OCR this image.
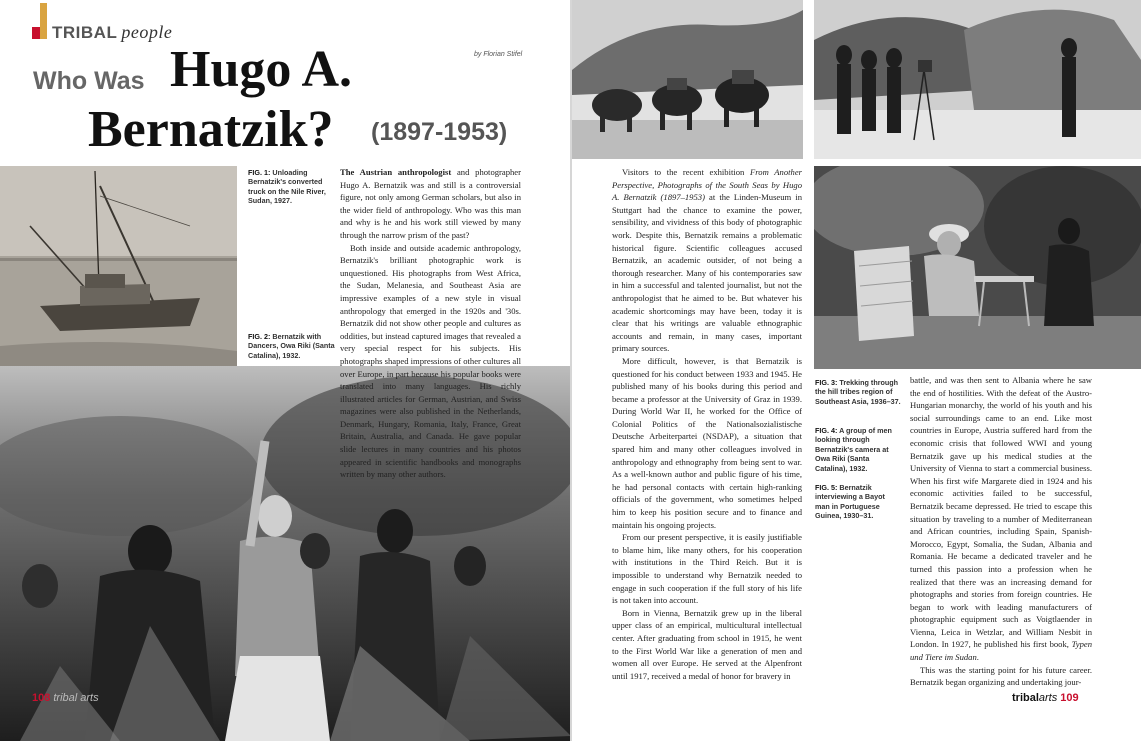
TRIBAL people
by Florian Stifel
Who Was Hugo A.
Bernatzik? (1897-1953)
FIG. 1: Unloading Bernatzik's converted truck on the Nile River, Sudan, 1927.
FIG. 2: Bernatzik with Dancers, Owa Riki (Santa Catalina), 1932.
FIG. 3: Trekking through the hill tribes region of Southeast Asia, 1936–37.
FIG. 4: A group of men looking through Bernatzik's camera at Owa Riki (Santa Catalina), 1932.
FIG. 5: Bernatzik interviewing a Bayot man in Portuguese Guinea, 1930–31.

The Austrian anthropologist and photographer Hugo A. Bernatzik was and still is a controversial figure, not only among German scholars, but also in the wider field of anthropology. Who was this man and why is he and his work still viewed by many through the narrow prism of the past?

Both inside and outside academic anthropology, Bernatzik's brilliant photographic work is unquestioned. His photographs from West Africa, the Sudan, Melanesia, and Southeast Asia are impressive examples of a new style in visual anthropology that emerged in the 1920s and '30s. Bernatzik did not show other people and cultures as oddities, but instead captured images that revealed a very special respect for his subjects. His photographs shaped impressions of other cultures all over Europe, in part because his popular books were translated into many languages. His richly illustrated articles for German, Austrian, and Swiss magazines were also published in the Netherlands, Denmark, Hungary, Romania, Italy, France, Great Britain, Australia, and Canada. He gave popular slide lectures in many countries and his photos appeared in scientific handbooks and monographs written by many other authors.

Visitors to the recent exhibition From Another Perspective, Photographs of the South Seas by Hugo A. Bernatzik (1897–1953) at the Linden-Museum in Stuttgart had the chance to examine the power, sensibility, and vividness of this body of photographic work. Despite this, Bernatzik remains a problematic historical figure. Scientific colleagues accused Bernatzik, an academic outsider, of not being a thorough researcher. Many of his contemporaries saw in him a successful and talented journalist, but not the anthropologist that he aimed to be. But whatever his academic shortcomings may have been, today it is clear that his writings are valuable ethnographic accounts and remain, in many cases, important primary sources.

More difficult, however, is that Bernatzik is questioned for his conduct between 1933 and 1945. He published many of his books during this period and became a professor at the University of Graz in 1939. During World War II, he worked for the Office of Colonial Politics of the Nationalsozialistische Deutsche Arbeiterpartei (NSDAP), a situation that spared him and many other colleagues involved in anthropology and ethnography from being sent to war. As a well-known author and public figure of his time, he had personal contacts with certain high-ranking officials of the government, who sometimes helped him to keep his position secure and to finance and maintain his ongoing projects.

From our present perspective, it is easily justifiable to blame him, like many others, for his cooperation with institutions in the Third Reich. But it is impossible to understand why Bernatzik needed to engage in such cooperation if the full story of his life is not taken into account.

Born in Vienna, Bernatzik grew up in the liberal upper class of an empirical, multicultural intellectual center. After graduating from school in 1915, he went to the First World War like a generation of men and women all over Europe. He served at the Alpenfront until 1917, received a medal of honor for bravery in

battle, and was then sent to Albania where he saw the end of hostilities. With the defeat of the Austro-Hungarian monarchy, the world of his youth and his social surroundings came to an end. Like most countries in Europe, Austria suffered hard from the economic crisis that followed WWI and young Bernatzik gave up his medical studies at the University of Vienna to start a commercial business. When his first wife Margarete died in 1924 and his economic activities failed to be successful, Bernatzik became depressed. He tried to escape this situation by traveling to a number of Mediterranean and African countries, including Spain, Spanish-Morocco, Egypt, Somalia, the Sudan, Albania and Romania. He became a dedicated traveler and he turned this passion into a profession when he realized that there was an increasing demand for photographs and stories from foreign countries. He began to work with leading manufacturers of photographic equipment such as Voigtlaender in Vienna, Leica in Wetzlar, and William Nesbit in London. In 1927, he published his first book, Typen und Tiere im Sudan.

This was the starting point for his future career. Bernatzik began organizing and undertaking jour-

108 tribal arts	tribalarts 109
